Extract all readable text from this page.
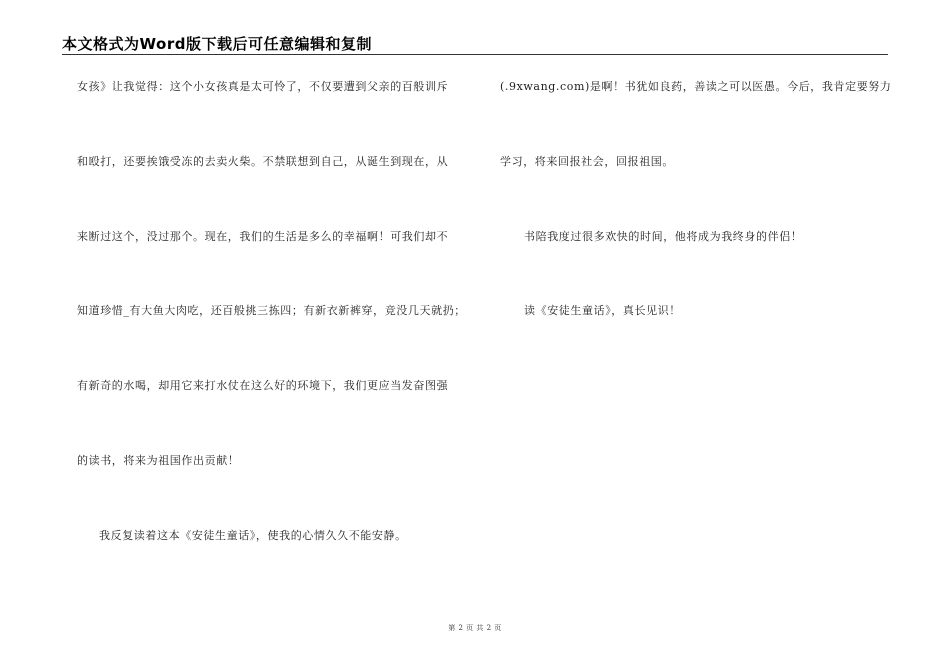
本文格式为Word版下载后可任意编辑和复制
女孩》让我觉得：这个小女孩真是太可怜了，不仅要遭到父亲的百般训斥
和殴打，还要挨饿受冻的去卖火柴。不禁联想到自己，从诞生到现在，从
来断过这个，没过那个。现在，我们的生活是多么的幸福啊！可我们却不
知道珍惜_有大鱼大肉吃，还百般挑三拣四；有新衣新裤穿，竞没几天就扔；
有新奇的水喝，却用它来打水仗在这么好的环境下，我们更应当发奋图强
的读书，将来为祖国作出贡献！
我反复读着这本《安徒生童话》，使我的心情久久不能安静。
(.9xwang.com)是啊！书犹如良药，善读之可以医愚。今后，我肯定要努力
学习，将来回报社会，回报祖国。
书陪我度过很多欢快的时间，他将成为我终身的伴侣！
读《安徒生童话》，真长见识！
第 2 页 共 2 页
